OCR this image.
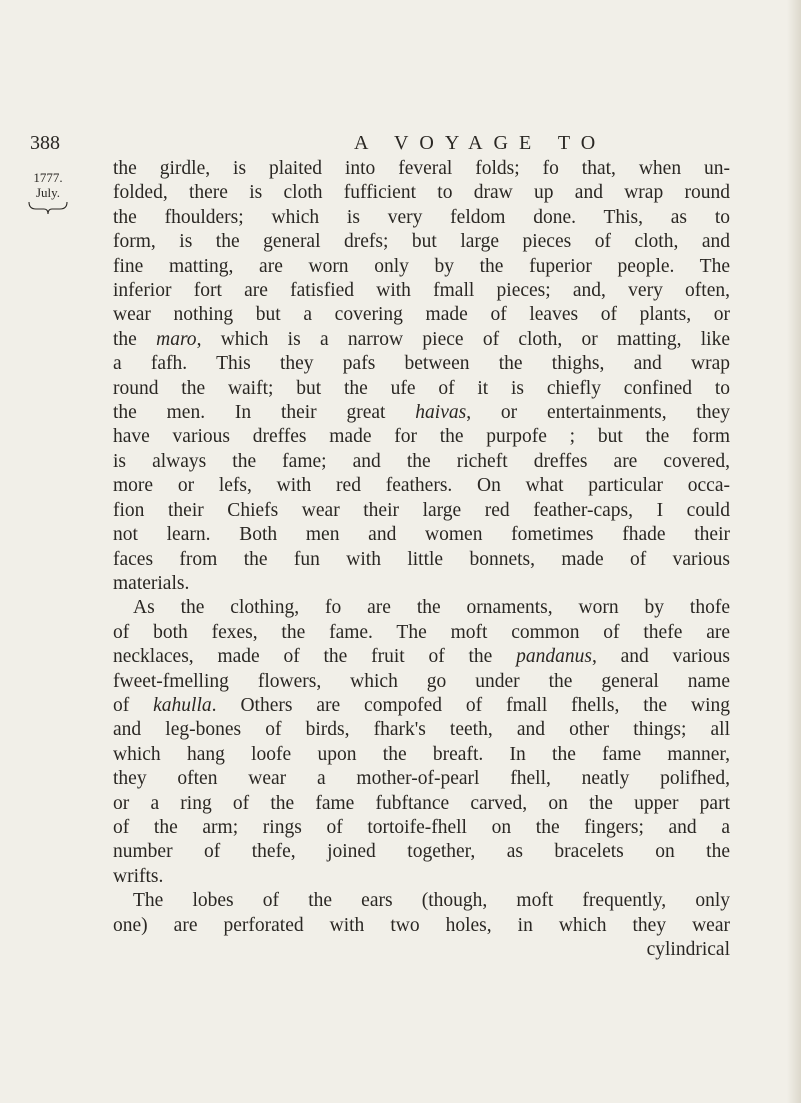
388	A VOYAGE TO
1777.
July.
the girdle, is plaited into feveral folds; fo that, when un-
folded, there is cloth fufficient to draw up and wrap round
the fhoulders; which is very feldom done. This, as to
form, is the general drefs; but large pieces of cloth, and
fine matting, are worn only by the fuperior people. The
inferior fort are fatisfied with fmall pieces; and, very often,
wear nothing but a covering made of leaves of plants, or
the maro, which is a narrow piece of cloth, or matting, like
a fafh. This they pafs between the thighs, and wrap
round the waift; but the ufe of it is chiefly confined to
the men. In their great haivas, or entertainments, they
have various dreffes made for the purpofe ; but the form
is always the fame; and the richeft dreffes are covered,
more or lefs, with red feathers. On what particular occa-
fion their Chiefs wear their large red feather-caps, I could
not learn. Both men and women fometimes fhade their
faces from the fun with little bonnets, made of various
materials.
As the clothing, fo are the ornaments, worn by thofe
of both fexes, the fame. The moft common of thefe are
necklaces, made of the fruit of the pandanus, and various
fweet-fmelling flowers, which go under the general name
of kahulla. Others are compofed of fmall fhells, the wing
and leg-bones of birds, fhark's teeth, and other things; all
which hang loofe upon the breaft. In the fame manner,
they often wear a mother-of-pearl fhell, neatly polifhed,
or a ring of the fame fubftance carved, on the upper part
of the arm; rings of tortoife-fhell on the fingers; and a
number of thefe, joined together, as bracelets on the
wrifts.
The lobes of the ears (though, moft frequently, only
one) are perforated with two holes, in which they wear
cylindrical
